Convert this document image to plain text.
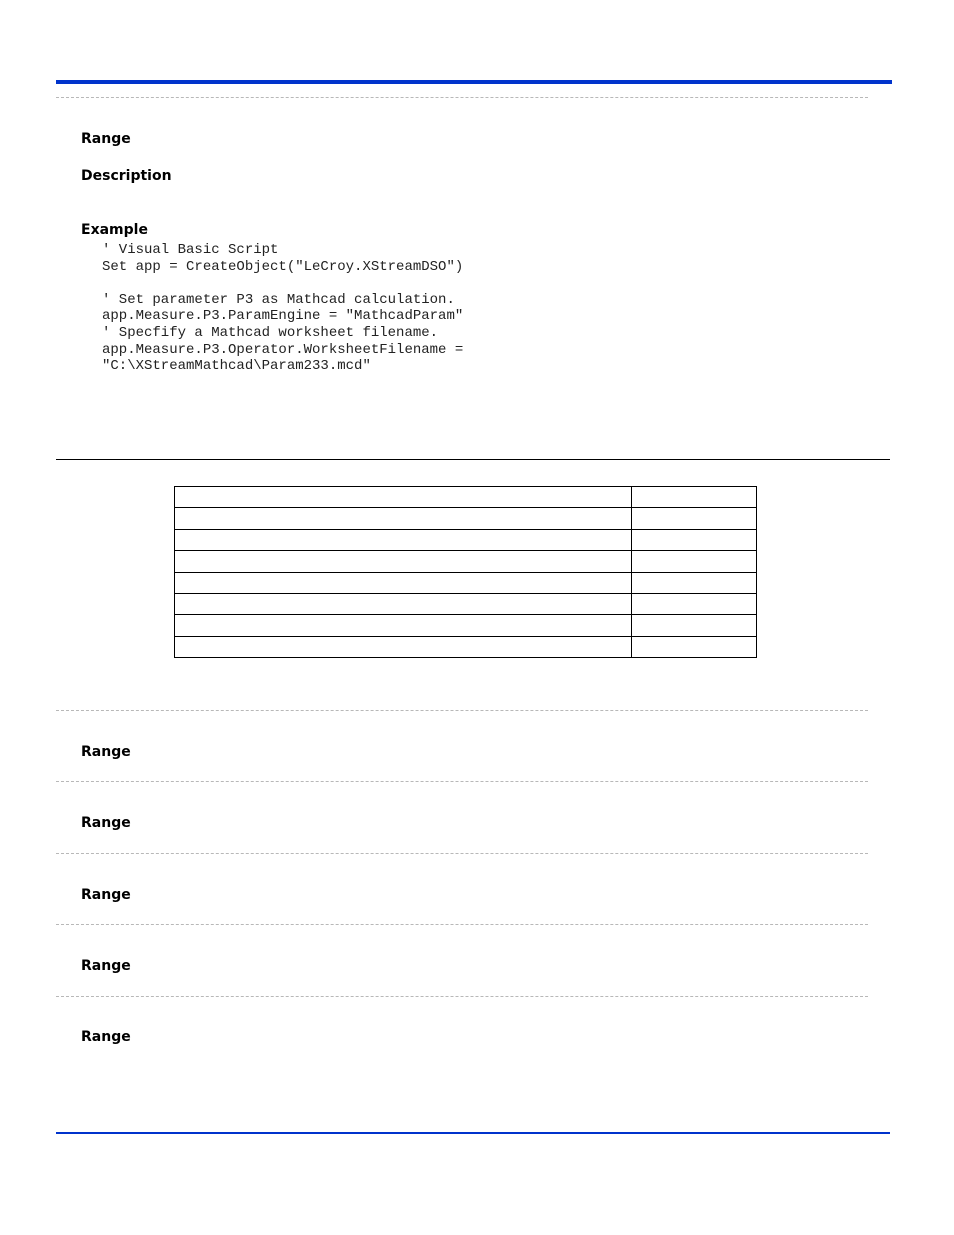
Range
Description
Example
' Visual Basic Script
Set app = CreateObject("LeCroy.XStreamDSO")
' Set parameter P3 as Mathcad calculation.
app.Measure.P3.ParamEngine = "MathcadParam"
' Specfify a Mathcad worksheet filename.
app.Measure.P3.Operator.WorksheetFilename =
"C:\XStreamMathcad\Param233.mcd"

Range
Range
Range
Range
Range
